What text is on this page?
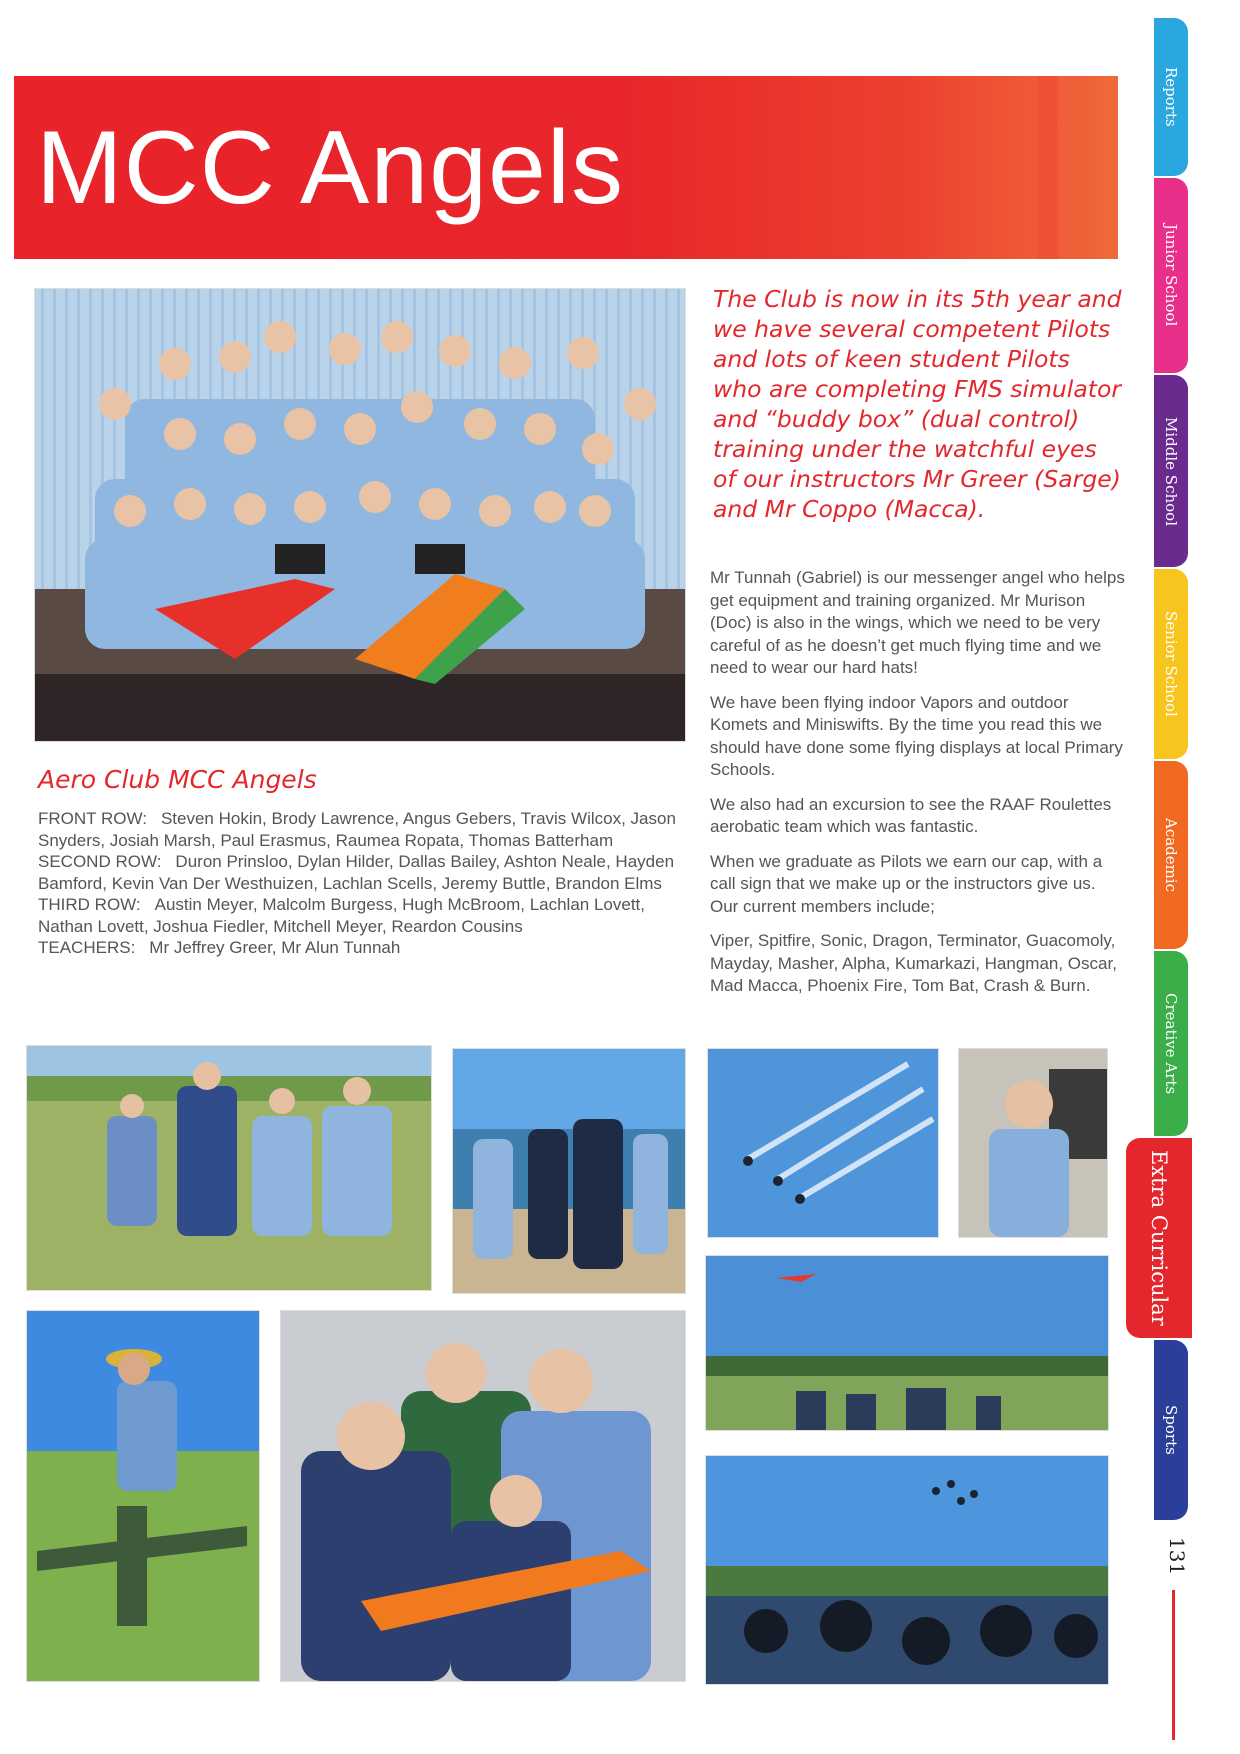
MCC Angels

The Club is now in its 5th year and we have several competent Pilots and lots of keen student Pilots who are completing FMS simulator and “buddy box” (dual control) training under the watchful eyes of our instructors Mr Greer (Sarge) and Mr Coppo (Macca).

Mr Tunnah (Gabriel) is our messenger angel who helps get equipment and training organized. Mr Murison (Doc) is also in the wings, which we need to be very careful of as he doesn’t get much flying time and we need to wear our hard hats!

We have been flying indoor Vapors and outdoor Komets and Miniswifts. By the time you read this we should have done some flying displays at local Primary Schools.

We also had an excursion to see the RAAF Roulettes aerobatic team which was fantastic.

When we graduate as Pilots we earn our cap, with a call sign that we make up or the instructors give us. Our current members include;

Viper, Spitfire, Sonic, Dragon, Terminator, Guacomoly, Mayday, Masher, Alpha, Kumarkazi, Hangman, Oscar, Mad Macca, Phoenix Fire, Tom Bat, Crash & Burn.

Aero Club MCC Angels
FRONT ROW: Steven Hokin, Brody Lawrence, Angus Gebers, Travis Wilcox, Jason Snyders, Josiah Marsh, Paul Erasmus, Raumea Ropata, Thomas Batterham
SECOND ROW: Duron Prinsloo, Dylan Hilder, Dallas Bailey, Ashton Neale, Hayden Bamford, Kevin Van Der Westhuizen, Lachlan Scells, Jeremy Buttle, Brandon Elms
THIRD ROW: Austin Meyer, Malcolm Burgess, Hugh McBroom, Lachlan Lovett, Nathan Lovett, Joshua Fiedler, Mitchell Meyer, Reardon Cousins
TEACHERS: Mr Jeffrey Greer, Mr Alun Tunnah
Reports
Junior School
Middle School
Senior School
Academic
Creative Arts
Extra Curricular
Sports
131
